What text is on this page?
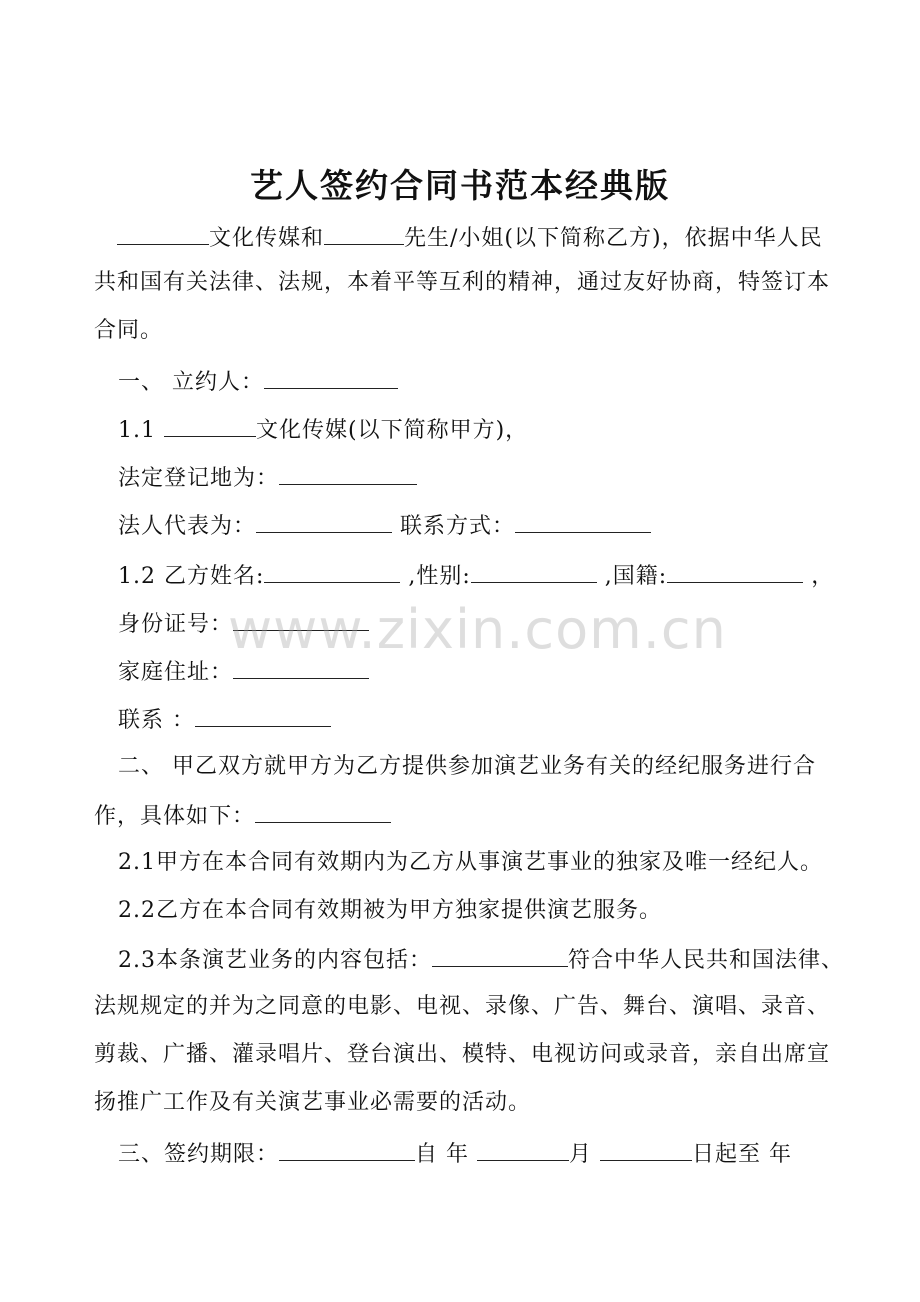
艺人签约合同书范本经典版
文化传媒和	先生/小姐(以下简称乙方)，依据中华人民
共和国有关法律、法规，本着平等互利的精神，通过友好协商，特签订本
合同。
一、 立约人：
1.1	文化传媒(以下简称甲方)，
法定登记地为：
法人代表为：	联系方式：
1.2 乙方姓名:	,性别:	,国籍:	，
身份证号：
家庭住址：
联系 ：
二、 甲乙双方就甲方为乙方提供参加演艺业务有关的经纪服务进行合
作，具体如下：
2.1甲方在本合同有效期内为乙方从事演艺事业的独家及唯一经纪人。
2.2乙方在本合同有效期被为甲方独家提供演艺服务。
2.3本条演艺业务的内容包括：	符合中华人民共和国法律、
法规规定的并为之同意的电影、电视、录像、广告、舞台、演唱、录音、
剪裁、广播、灌录唱片、登台演出、模特、电视访问或录音，亲自出席宣
扬推广工作及有关演艺事业必需要的活动。
三、签约期限：	自 年	月	日起至 年
www.zixin.com.cn
